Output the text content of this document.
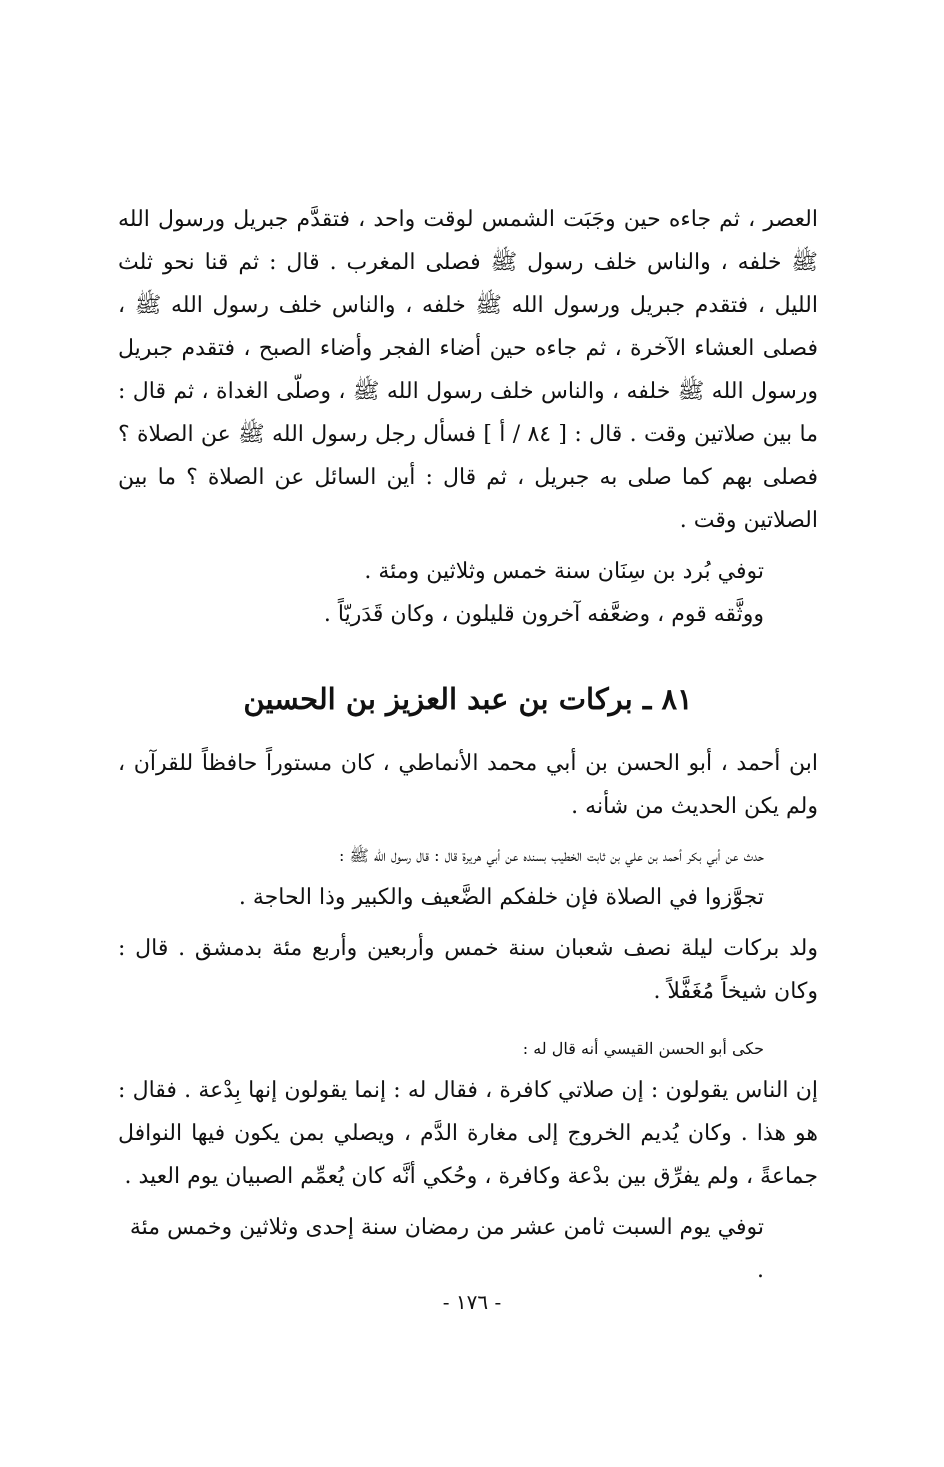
العصر ، ثم جاءه حين وجَبَت الشمس لوقت واحد ، فتقدَّم جبريل ورسول الله ﷺ خلفه ، والناس خلف رسول ﷺ فصلى المغرب . قال : ثم قنا نحو ثلث الليل ، فتقدم جبريل ورسول الله ﷺ خلفه ، والناس خلف رسول الله ﷺ ، فصلى العشاء الآخرة ، ثم جاءه حين أضاء الفجر وأضاء الصبح ، فتقدم جبريل ورسول الله ﷺ خلفه ، والناس خلف رسول الله ﷺ ، وصلّى الغداة ، ثم قال : ما بين صلاتين وقت . قال : [ ٨٤ / أ ] فسأل رجل رسول الله ﷺ عن الصلاة ؟ فصلى بهم كما صلى به جبريل ، ثم قال : أين السائل عن الصلاة ؟ ما بين الصلاتين وقت .

توفي بُرد بن سِنَان سنة خمس وثلاثين ومئة .

ووثَّقه قوم ، وضعَّفه آخرون قليلون ، وكان قَدَريّاً .

٨١ ـ بركات بن عبد العزيز بن الحسين

ابن أحمد ، أبو الحسن بن أبي محمد الأنماطي ، كان مستوراً حافظاً للقرآن ، ولم يكن الحديث من شأنه .

حدث عن أبي بكر أحمد بن علي بن ثابت الخطيب بسنده عن أبي هريرة قال : قال رسول الله ﷺ :

تجوَّزوا في الصلاة فإن خلفكم الضَّعيف والكبير وذا الحاجة .

ولد بركات ليلة نصف شعبان سنة خمس وأربعين وأربع مئة بدمشق . قال : وكان شيخاً مُغَفَّلاً .

حكى أبو الحسن القيسي أنه قال له :

إن الناس يقولون : إن صلاتي كافرة ، فقال له : إنما يقولون إنها بِدْعة . فقال : هو هذا . وكان يُديم الخروج إلى مغارة الدَّم ، ويصلي بمن يكون فيها النوافل جماعةً ، ولم يفرِّق بين بدْعة وكافرة ، وحُكي أنَّه كان يُعمِّم الصبيان يوم العيد .

توفي يوم السبت ثامن عشر من رمضان سنة إحدى وثلاثين وخمس مئة .

- ١٧٦ -
